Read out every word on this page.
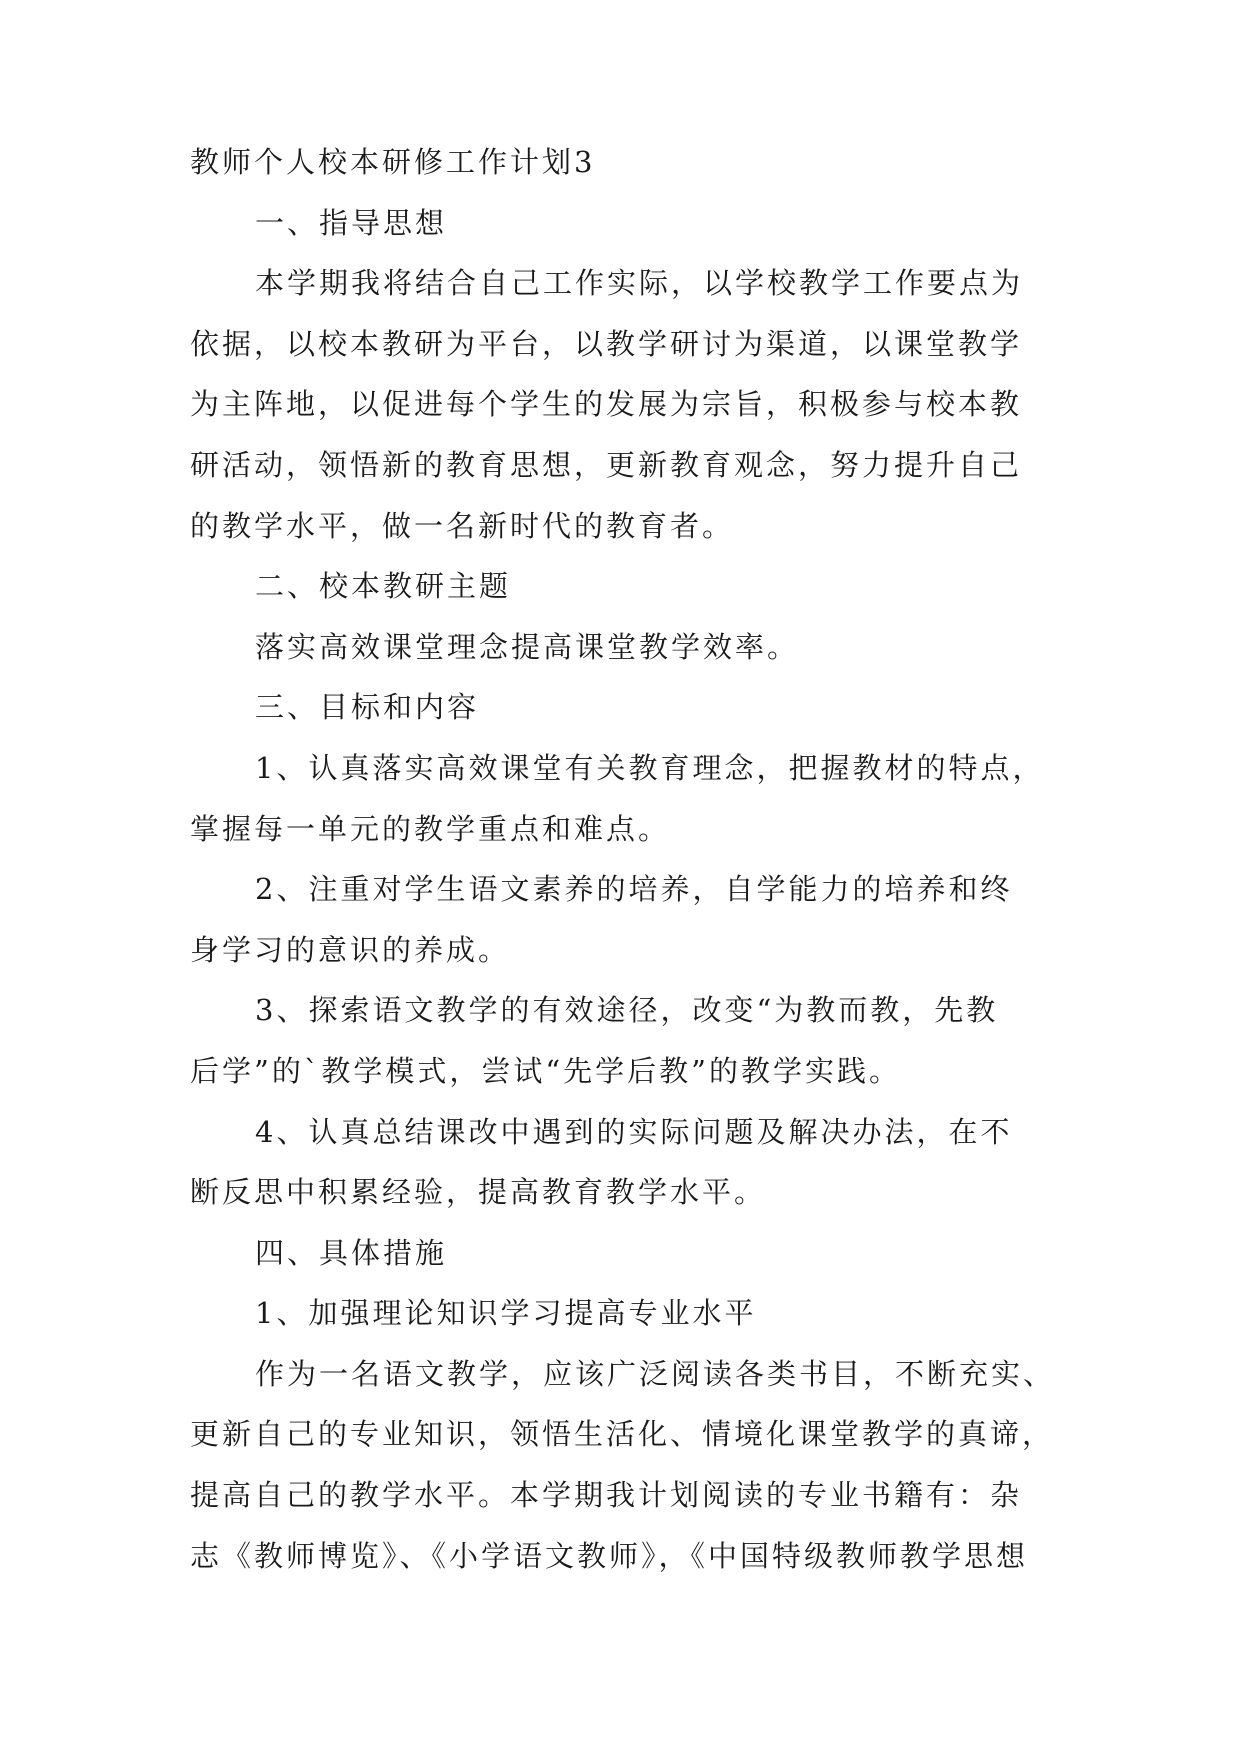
教师个人校本研修工作计划3
一、指导思想
本学期我将结合自己工作实际，以学校教学工作要点为
依据，以校本教研为平台，以教学研讨为渠道，以课堂教学
为主阵地，以促进每个学生的发展为宗旨，积极参与校本教
研活动，领悟新的教育思想，更新教育观念，努力提升自己
的教学水平，做一名新时代的教育者。
二、校本教研主题
落实高效课堂理念提高课堂教学效率。
三、目标和内容
1、认真落实高效课堂有关教育理念，把握教材的特点，
掌握每一单元的教学重点和难点。
2、注重对学生语文素养的培养，自学能力的培养和终
身学习的意识的养成。
3、探索语文教学的有效途径，改变“为教而教，先教
后学”的`教学模式，尝试“先学后教”的教学实践。
4、认真总结课改中遇到的实际问题及解决办法，在不
断反思中积累经验，提高教育教学水平。
四、具体措施
1、加强理论知识学习提高专业水平
作为一名语文教学，应该广泛阅读各类书目，不断充实、
更新自己的专业知识，领悟生活化、情境化课堂教学的真谛，
提高自己的教学水平。本学期我计划阅读的专业书籍有：杂
志《教师博览》、《小学语文教师》，《中国特级教师教学思想
